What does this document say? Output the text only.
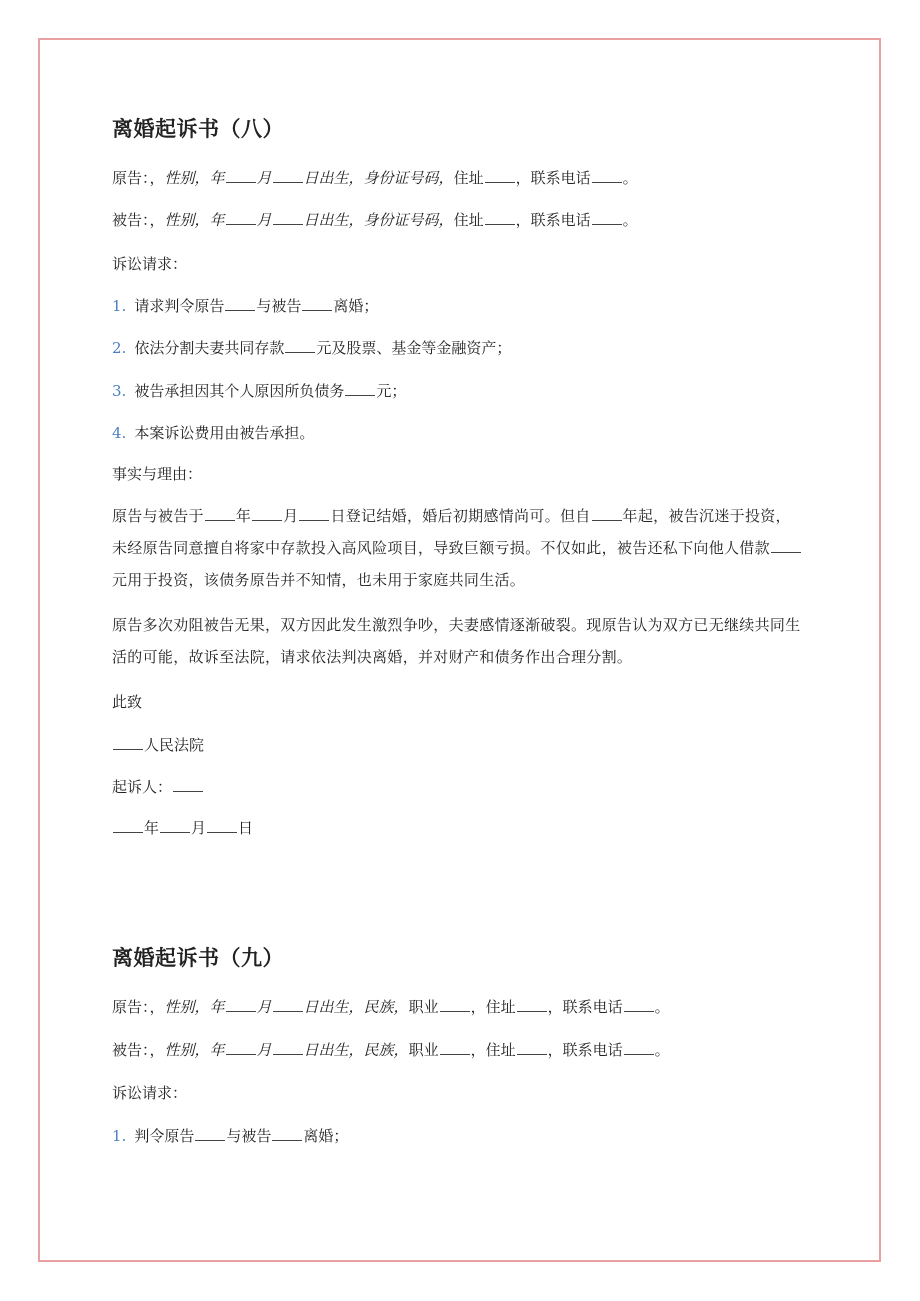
离婚起诉书（八）
原告：，性别，年 月 日出生，身份证号码，住址 ，联系电话 。
被告：，性别，年 月 日出生，身份证号码，住址 ，联系电话 。
诉讼请求：
1. 请求判令原告 与被告 离婚；
2. 依法分割夫妻共同存款 元及股票、基金等金融资产；
3. 被告承担因其个人原因所负债务 元；
4. 本案诉讼费用由被告承担。
事实与理由：
原告与被告于 年 月 日登记结婚，婚后初期感情尚可。但自 年起，被告沉迷于投资，未经原告同意擅自将家中存款投入高风险项目，导致巨额亏损。不仅如此，被告还私下向他人借款元用于投资，该债务原告并不知情，也未用于家庭共同生活。
原告多次劝阻被告无果，双方因此发生激烈争吵，夫妻感情逐渐破裂。现原告认为双方已无继续共同生活的可能，故诉至法院，请求依法判决离婚，并对财产和债务作出合理分割。
此致
人民法院
起诉人：
年 月 日
离婚起诉书（九）
原告：，性别，年 月 日出生，民族，职业 ，住址 ，联系电话 。
被告：，性别，年 月 日出生，民族，职业 ，住址 ，联系电话 。
诉讼请求：
1. 判令原告 与被告 离婚；
